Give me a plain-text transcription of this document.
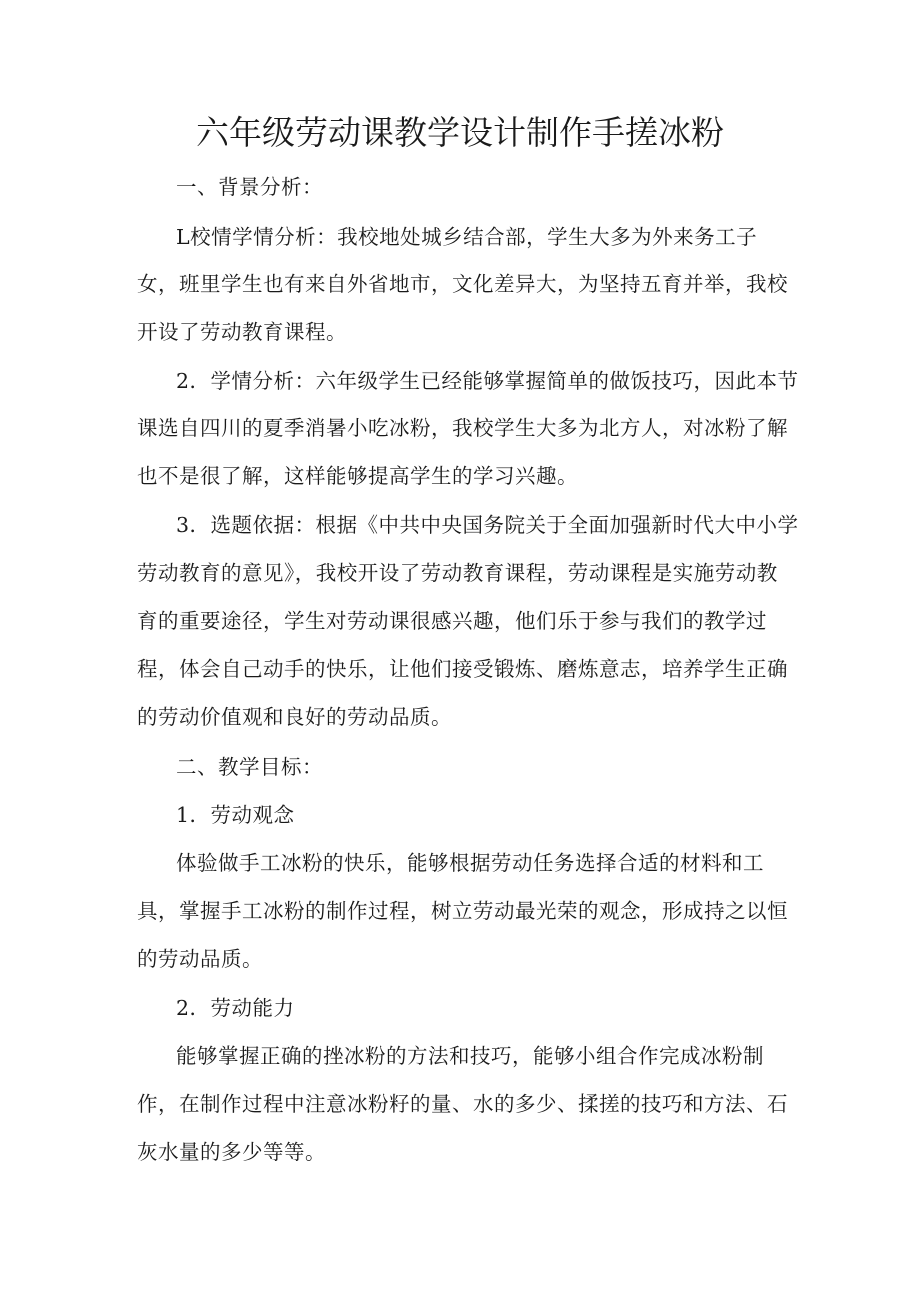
六年级劳动课教学设计制作手搓冰粉
一、背景分析：
L校情学情分析：我校地处城乡结合部，学生大多为外来务工子
女，班里学生也有来自外省地市，文化差异大，为坚持五育并举，我校
开设了劳动教育课程。
2．学情分析：六年级学生已经能够掌握简单的做饭技巧，因此本节
课选自四川的夏季消暑小吃冰粉，我校学生大多为北方人，对冰粉了解
也不是很了解，这样能够提高学生的学习兴趣。
3．选题依据：根据《中共中央国务院关于全面加强新时代大中小学
劳动教育的意见》，我校开设了劳动教育课程，劳动课程是实施劳动教
育的重要途径，学生对劳动课很感兴趣，他们乐于参与我们的教学过
程，体会自己动手的快乐，让他们接受锻炼、磨炼意志，培养学生正确
的劳动价值观和良好的劳动品质。
二、教学目标：
1．劳动观念
体验做手工冰粉的快乐，能够根据劳动任务选择合适的材料和工
具，掌握手工冰粉的制作过程，树立劳动最光荣的观念，形成持之以恒
的劳动品质。
2．劳动能力
能够掌握正确的挫冰粉的方法和技巧，能够小组合作完成冰粉制
作，在制作过程中注意冰粉籽的量、水的多少、揉搓的技巧和方法、石
灰水量的多少等等。
